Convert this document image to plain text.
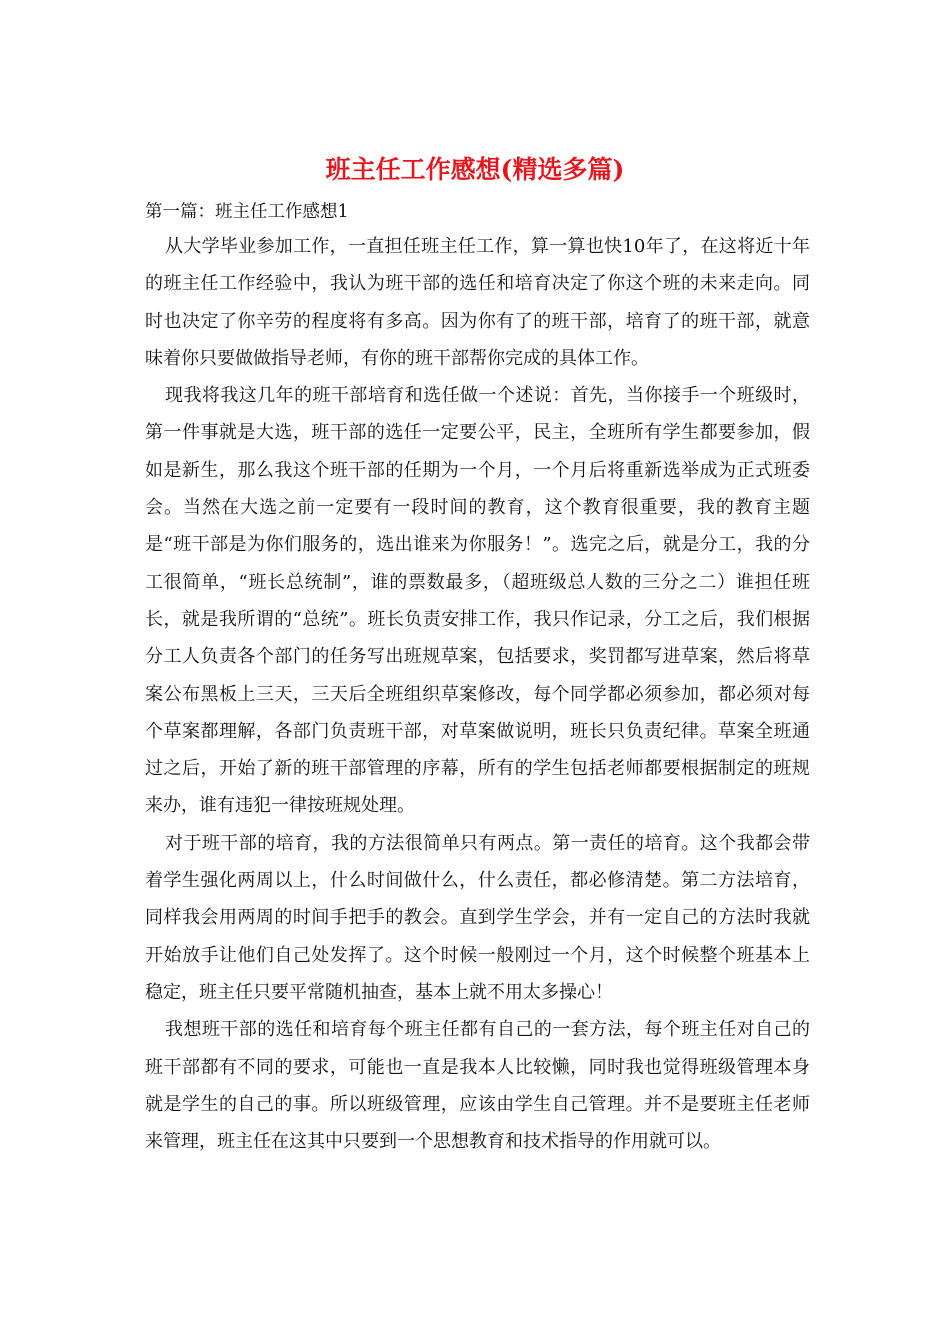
班主任工作感想(精选多篇)
第一篇：班主任工作感想1

从大学毕业参加工作，一直担任班主任工作，算一算也快10年了，在这将近十年的班主任工作经验中，我认为班干部的选任和培育决定了你这个班的未来走向。同时也决定了你辛劳的程度将有多高。因为你有了的班干部，培育了的班干部，就意味着你只要做做指导老师，有你的班干部帮你完成的具体工作。

现我将我这几年的班干部培育和选任做一个述说：首先，当你接手一个班级时，第一件事就是大选，班干部的选任一定要公平，民主，全班所有学生都要参加，假如是新生，那么我这个班干部的任期为一个月，一个月后将重新选举成为正式班委会。当然在大选之前一定要有一段时间的教育，这个教育很重要，我的教育主题是“班干部是为你们服务的，选出谁来为你服务！”。选完之后，就是分工，我的分工很简单，“班长总统制”，谁的票数最多，（超班级总人数的三分之二）谁担任班长，就是我所谓的“总统”。班长负责安排工作，我只作记录，分工之后，我们根据分工人负责各个部门的任务写出班规草案，包括要求，奖罚都写进草案，然后将草案公布黑板上三天，三天后全班组织草案修改，每个同学都必须参加，都必须对每个草案都理解，各部门负责班干部，对草案做说明，班长只负责纪律。草案全班通过之后，开始了新的班干部管理的序幕，所有的学生包括老师都要根据制定的班规来办，谁有违犯一律按班规处理。

对于班干部的培育，我的方法很简单只有两点。第一责任的培育。这个我都会带着学生强化两周以上，什么时间做什么，什么责任，都必修清楚。第二方法培育，同样我会用两周的时间手把手的教会。直到学生学会，并有一定自己的方法时我就开始放手让他们自己处发挥了。这个时候一般刚过一个月，这个时候整个班基本上稳定，班主任只要平常随机抽查，基本上就不用太多操心！

我想班干部的选任和培育每个班主任都有自己的一套方法，每个班主任对自己的班干部都有不同的要求，可能也一直是我本人比较懒，同时我也觉得班级管理本身就是学生的自己的事。所以班级管理，应该由学生自己管理。并不是要班主任老师来管理，班主任在这其中只要到一个思想教育和技术指导的作用就可以。
